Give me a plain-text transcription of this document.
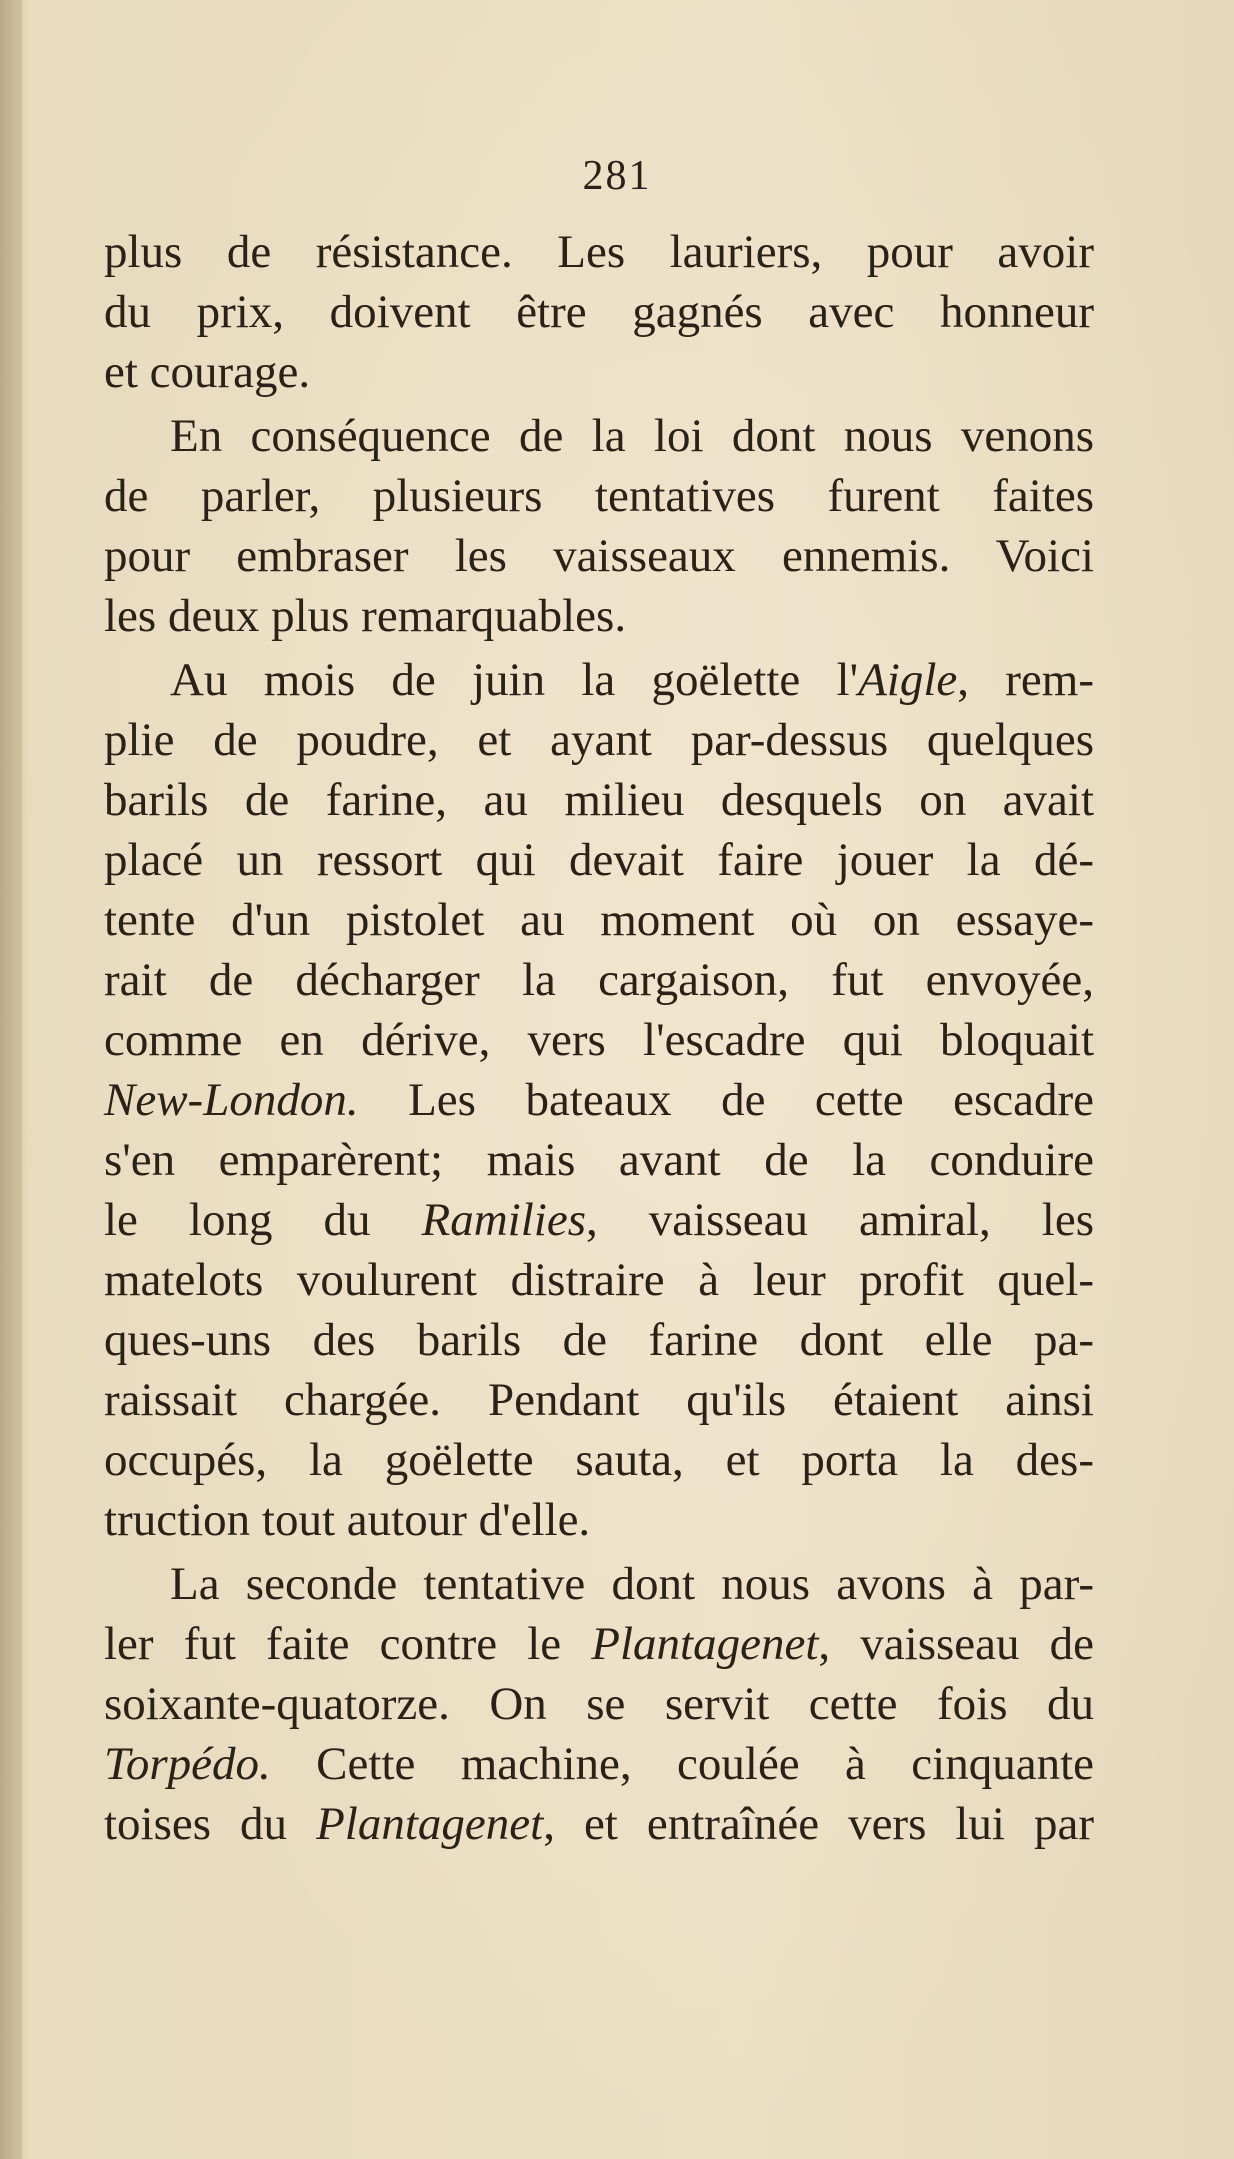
281
plus de résistance. Les lauriers, pour avoir
du prix, doivent être gagnés avec honneur
et courage.
En conséquence de la loi dont nous venons
de parler, plusieurs tentatives furent faites
pour embraser les vaisseaux ennemis. Voici
les deux plus remarquables.
Au mois de juin la goëlette l'Aigle, rem-
plie de poudre, et ayant par-dessus quelques
barils de farine, au milieu desquels on avait
placé un ressort qui devait faire jouer la dé-
tente d'un pistolet au moment où on essaye-
rait de décharger la cargaison, fut envoyée,
comme en dérive, vers l'escadre qui bloquait
New-London. Les bateaux de cette escadre
s'en emparèrent; mais avant de la conduire
le long du Ramilies, vaisseau amiral, les
matelots voulurent distraire à leur profit quel-
ques-uns des barils de farine dont elle pa-
raissait chargée. Pendant qu'ils étaient ainsi
occupés, la goëlette sauta, et porta la des-
truction tout autour d'elle.
La seconde tentative dont nous avons à par-
ler fut faite contre le Plantagenet, vaisseau de
soixante-quatorze. On se servit cette fois du
Torpédo. Cette machine, coulée à cinquante
toises du Plantagenet, et entraînée vers lui par
